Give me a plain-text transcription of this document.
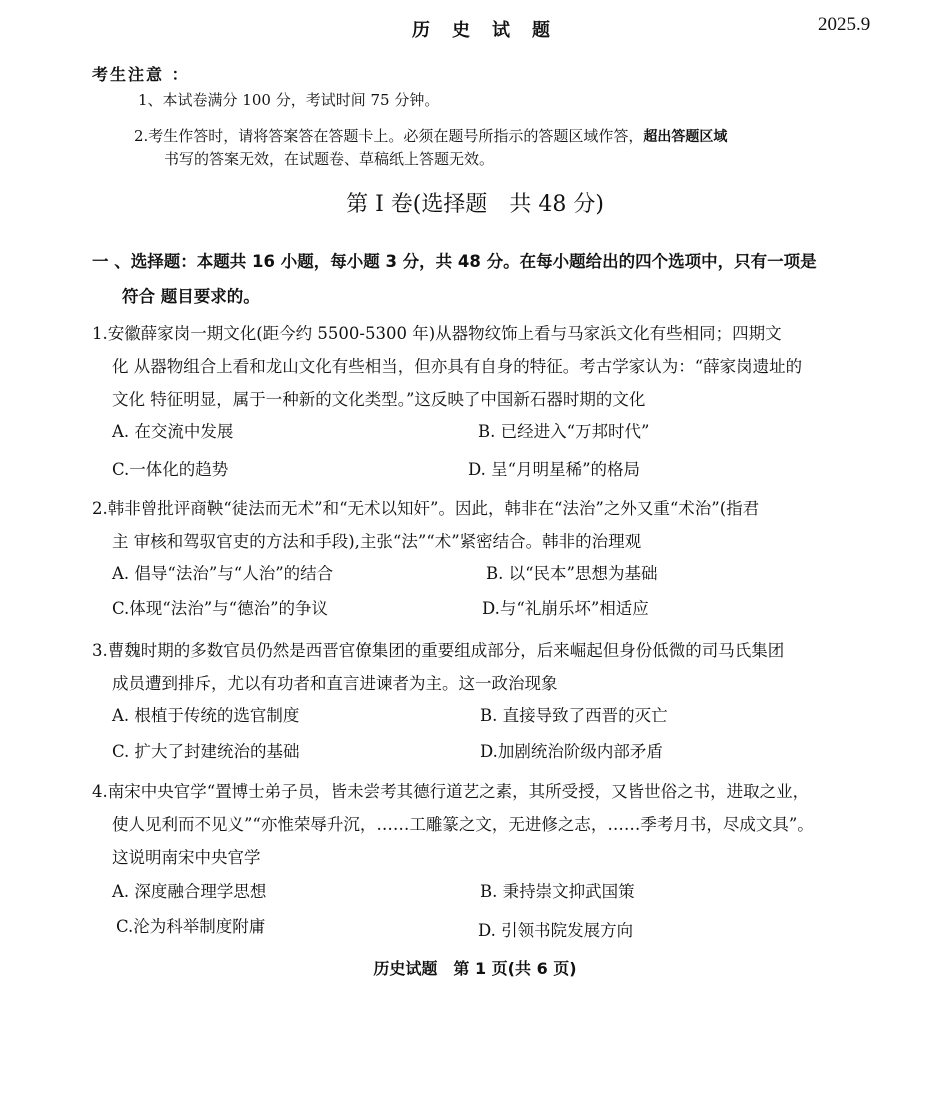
历史试题	2025.9
考生注意 ：
1、本试卷满分 100 分，考试时间 75 分钟。
2.考生作答时，请将答案答在答题卡上。必须在题号所指示的答题区域作答，超出答题区域
书写的答案无效，在试题卷、草稿纸上答题无效。
第 Ⅰ 卷(选择题　共 48 分)
一 、选择题：本题共 16 小题，每小题 3 分，共 48 分。在每小题给出的四个选项中，只有一项是
符合 题目要求的。
1.安徽薛家岗一期文化(距今约 5500-5300 年)从器物纹饰上看与马家浜文化有些相同；四期文
化 从器物组合上看和龙山文化有些相当，但亦具有自身的特征。考古学家认为：“薛家岗遗址的
文化 特征明显，属于一种新的文化类型。”这反映了中国新石器时期的文化
A. 在交流中发展	B. 已经进入“万邦时代”
C.一体化的趋势	D. 呈“月明星稀”的格局
2.韩非曾批评商鞅“徒法而无术”和“无术以知奸”。因此，韩非在“法治”之外又重“术治”(指君
主 审核和驾驭官吏的方法和手段),主张“法”“术”紧密结合。韩非的治理观
A. 倡导“法治”与“人治”的结合	B. 以“民本”思想为基础
C.体现“法治”与“德治”的争议	D.与“礼崩乐坏”相适应
3.曹魏时期的多数官员仍然是西晋官僚集团的重要组成部分，后来崛起但身份低微的司马氏集团
成员遭到排斥，尤以有功者和直言进谏者为主。这一政治现象
A. 根植于传统的选官制度	B. 直接导致了西晋的灭亡
C. 扩大了封建统治的基础	D.加剧统治阶级内部矛盾
4.南宋中央官学“置博士弟子员，皆未尝考其德行道艺之素，其所受授，又皆世俗之书，进取之业，
使人见利而不见义”“亦惟荣辱升沉，……工雕篆之文，无进修之志，……季考月书，尽成文具”。
这说明南宋中央官学
A. 深度融合理学思想	B. 秉持崇文抑武国策
C.沦为科举制度附庸	D. 引领书院发展方向
历史试题　第 1 页(共 6 页)
